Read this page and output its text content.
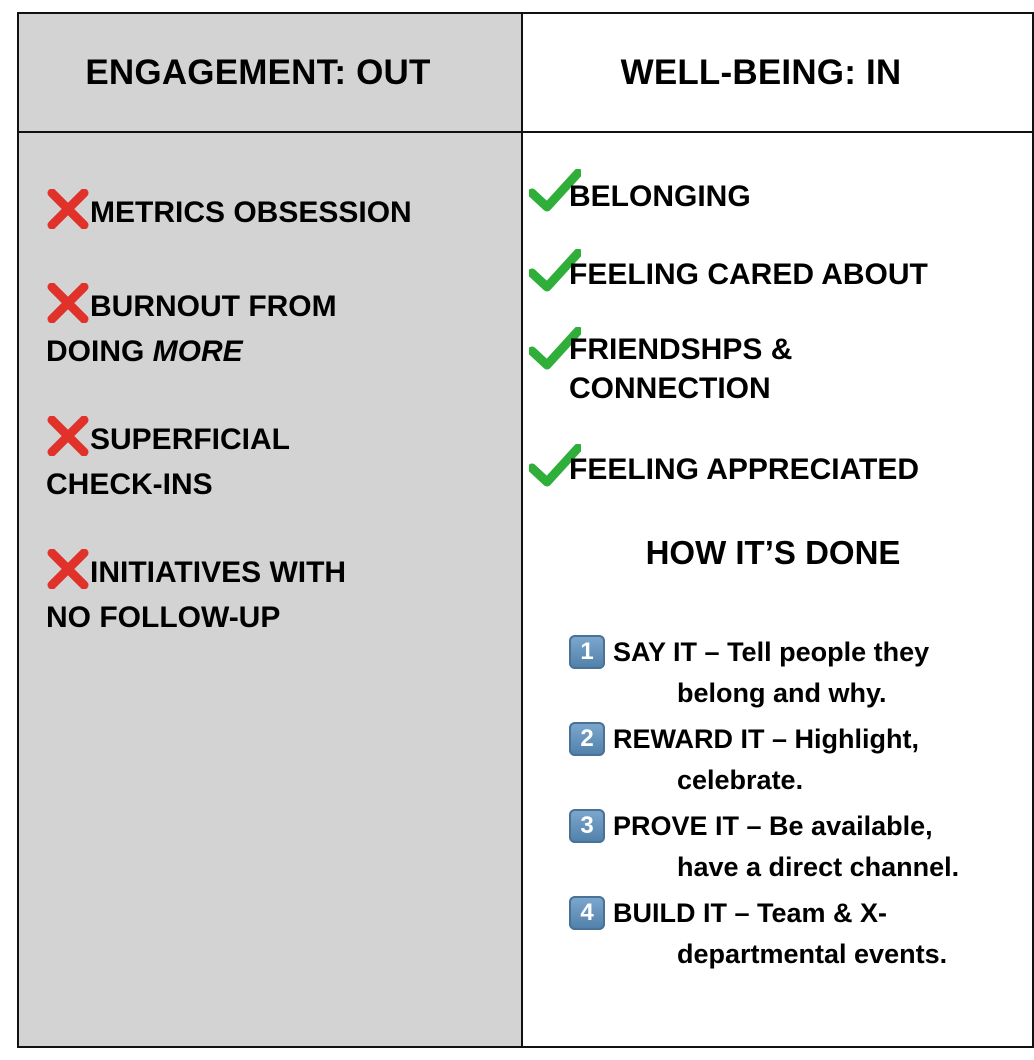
ENGAGEMENT: OUT	WELL-BEING: IN
METRICS OBSESSION
BURNOUT FROM
DOING MORE
SUPERFICIAL
CHECK-INS
INITIATIVES WITH
NO FOLLOW-UP
BELONGING
FEELING CARED ABOUT
FRIENDSHPS &
CONNECTION
FEELING APPRECIATED
HOW IT’S DONE
1 SAY IT – Tell people they
belong and why.
2 REWARD IT – Highlight,
celebrate.
3 PROVE IT – Be available,
have a direct channel.
4 BUILD IT – Team & X-
departmental events.
